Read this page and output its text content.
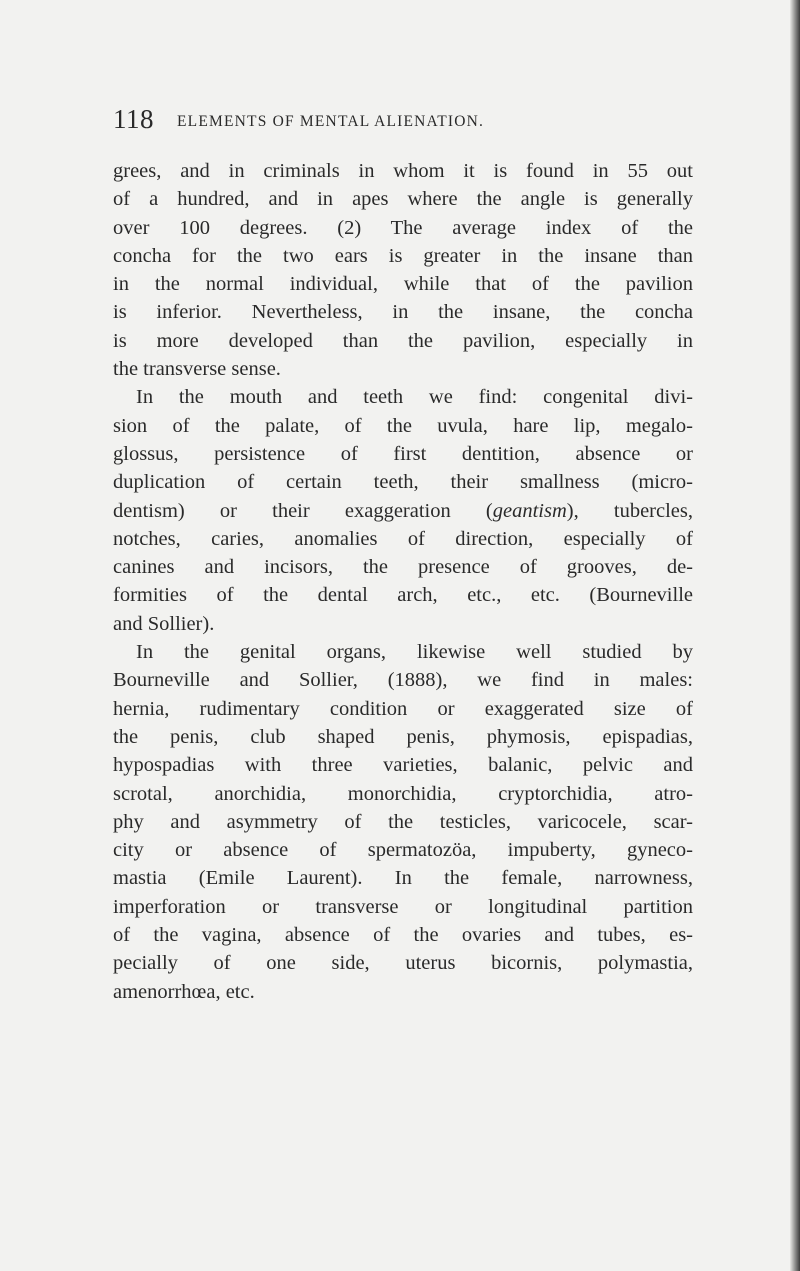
118 ELEMENTS OF MENTAL ALIENATION.
grees, and in criminals in whom it is found in 55 out
of a hundred, and in apes where the angle is generally
over 100 degrees. (2) The average index of the
concha for the two ears is greater in the insane than
in the normal individual, while that of the pavilion
is inferior. Nevertheless, in the insane, the concha
is more developed than the pavilion, especially in
the transverse sense.
In the mouth and teeth we find: congenital divi-
sion of the palate, of the uvula, hare lip, megalo-
glossus, persistence of first dentition, absence or
duplication of certain teeth, their smallness (micro-
dentism) or their exaggeration (geantism), tubercles,
notches, caries, anomalies of direction, especially of
canines and incisors, the presence of grooves, de-
formities of the dental arch, etc., etc. (Bourneville
and Sollier).
In the genital organs, likewise well studied by
Bourneville and Sollier, (1888), we find in males:
hernia, rudimentary condition or exaggerated size of
the penis, club shaped penis, phymosis, epispadias,
hypospadias with three varieties, balanic, pelvic and
scrotal, anorchidia, monorchidia, cryptorchidia, atro-
phy and asymmetry of the testicles, varicocele, scar-
city or absence of spermatozöa, impuberty, gyneco-
mastia (Emile Laurent). In the female, narrowness,
imperforation or transverse or longitudinal partition
of the vagina, absence of the ovaries and tubes, es-
pecially of one side, uterus bicornis, polymastia,
amenorrhœa, etc.
